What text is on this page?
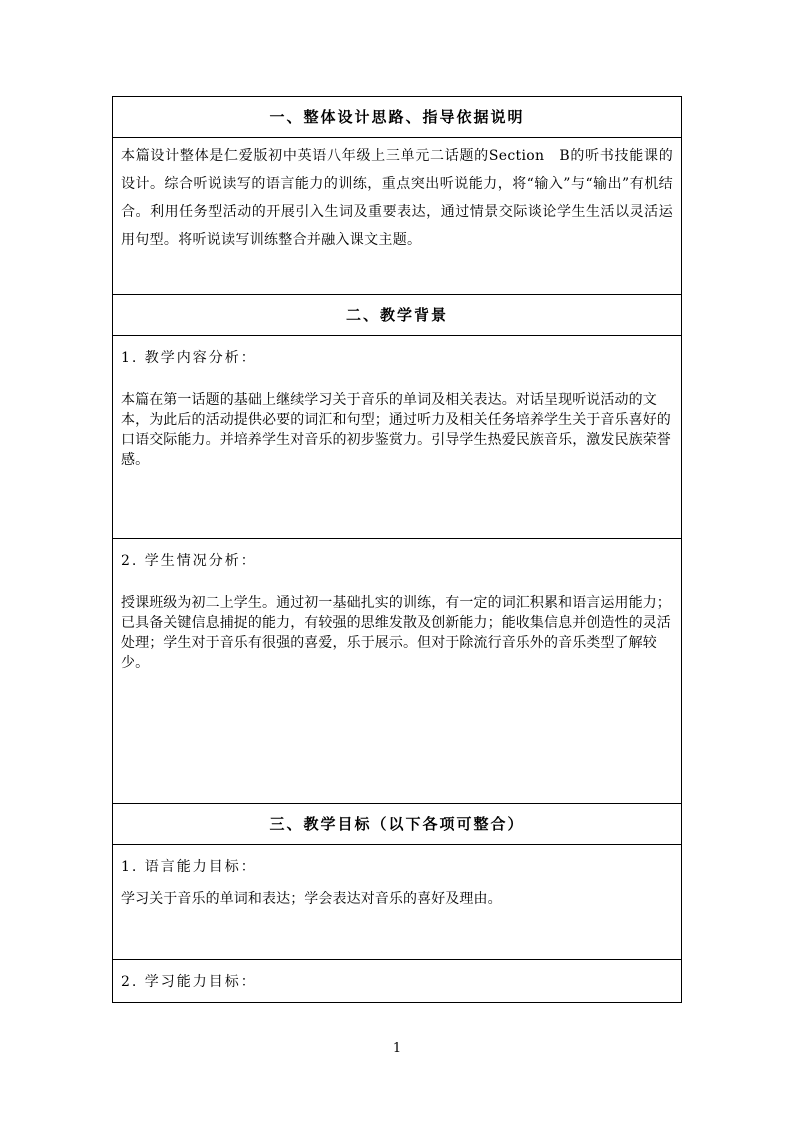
一、整体设计思路、指导依据说明

本篇设计整体是仁爱版初中英语八年级上三单元二话题的Section　B的听书技能课的设计。综合听说读写的语言能力的训练，重点突出听说能力，将“输入”与“输出”有机结合。利用任务型活动的开展引入生词及重要表达，通过情景交际谈论学生生活以灵活运用句型。将听说读写训练整合并融入课文主题。

二、教学背景

1. 教学内容分析：
本篇在第一话题的基础上继续学习关于音乐的单词及相关表达。对话呈现听说活动的文本，为此后的活动提供必要的词汇和句型；通过听力及相关任务培养学生关于音乐喜好的口语交际能力。并培养学生对音乐的初步鉴赏力。引导学生热爱民族音乐，激发民族荣誉感。

2. 学生情况分析：
授课班级为初二上学生。通过初一基础扎实的训练，有一定的词汇积累和语言运用能力；已具备关键信息捕捉的能力，有较强的思维发散及创新能力；能收集信息并创造性的灵活处理；学生对于音乐有很强的喜爱，乐于展示。但对于除流行音乐外的音乐类型了解较少。

三、教学目标（以下各项可整合）

1. 语言能力目标：
学习关于音乐的单词和表达；学会表达对音乐的喜好及理由。

2. 学习能力目标：
1
